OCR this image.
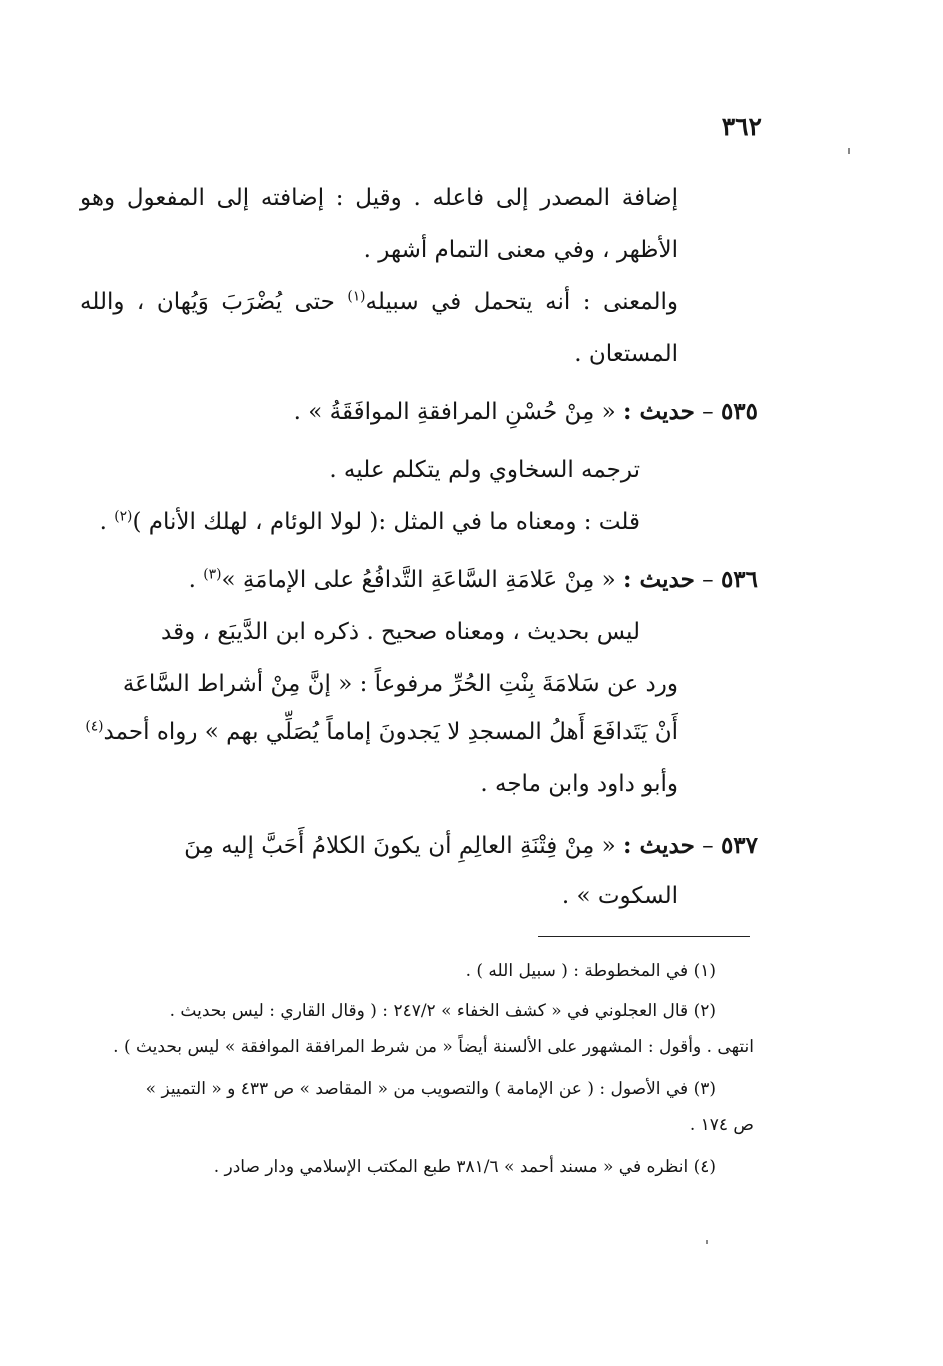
٣٦٢
إضافة المصدر إلى فاعله . وقيل : إضافته إلى المفعول وهو
الأظهر ، وفي معنى التمام أشهر .
والمعنى : أنه يتحمل في سبيله$^{(١)}$ حتى يُضْرَبَ وَيُهان ، والله
المستعان .
٥٣٥ – حديث : « مِنْ حُسْنِ المرافقةِ الموافَقَةُ » .
ترجمه السخاوي ولم يتكلم عليه .
قلت : ومعناه ما في المثل :( لولا الوئام ، لهلك الأنام )$^{(٢)}$ .
٥٣٦ – حديث : « مِنْ عَلامَةِ السَّاعَةِ التَّدافُعُ على الإمامَةِ »$^{(٣)}$ .
ليس بحديث ، ومعناه صحيح . ذكره ابن الدَّيبَع ، وقد
ورد عن سَلامَةَ بِنْتِ الحُرِّ مرفوعاً : « إنَّ مِنْ أشراط السَّاعَة
أَنْ يَتَدافَعَ أَهلُ المسجدِ لا يَجدونَ إماماً يُصَلِّي بهم » رواه أحمد$^{(٤)}$
وأبو داود وابن ماجه .
٥٣٧ – حديث : « مِنْ فِتْنَةِ العالِمِ أن يكونَ الكلامُ أَحَبَّ إليه مِنَ
السكوت » .
(١) في المخطوطة : ( سبيل الله ) .
(٢) قال العجلوني في « كشف الخفاء » ٢٤٧/٢ : ( وقال القاري : ليس بحديث .
انتهى . وأقول : المشهور على الألسنة أيضاً « من شرط المرافقة الموافقة » ليس بحديث ) .
(٣) في الأصول : ( عن الإمامة ) والتصويب من « المقاصد » ص ٤٣٣ و « التمييز »
ص ١٧٤ .
(٤) انظره في « مسند أحمد » ٣٨١/٦ طبع المكتب الإسلامي ودار صادر .
